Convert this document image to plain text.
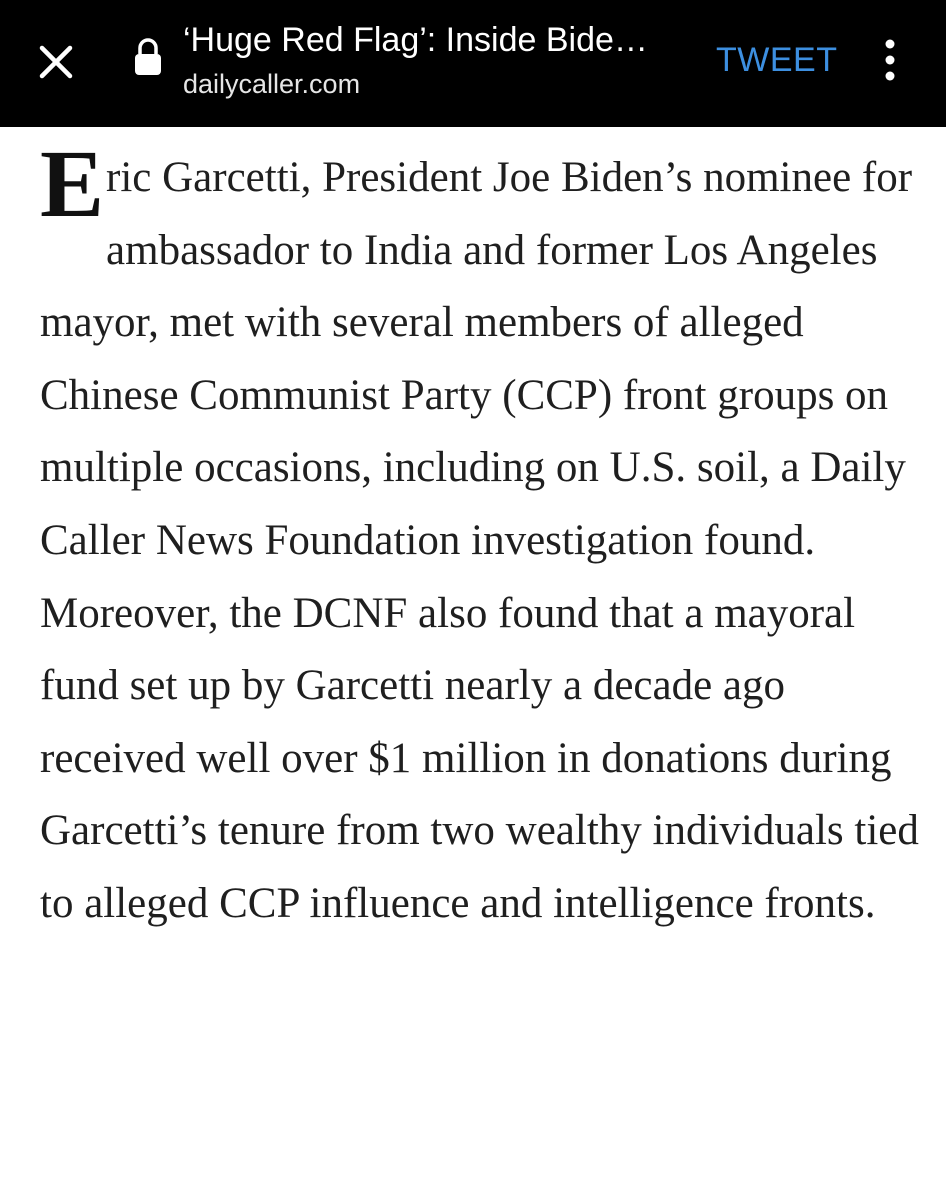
‘Huge Red Flag’: Inside Bide…
dailycaller.com
TWEET

Eric Garcetti, President Joe Biden’s nominee for ambassador to India and former Los Angeles mayor, met with several members of alleged Chinese Communist Party (CCP) front groups on multiple occasions, including on U.S. soil, a Daily Caller News Foundation investigation found. Moreover, the DCNF also found that a mayoral fund set up by Garcetti nearly a decade ago received well over $1 million in donations during Garcetti’s tenure from two wealthy individuals tied to alleged CCP influence and intelligence fronts.
